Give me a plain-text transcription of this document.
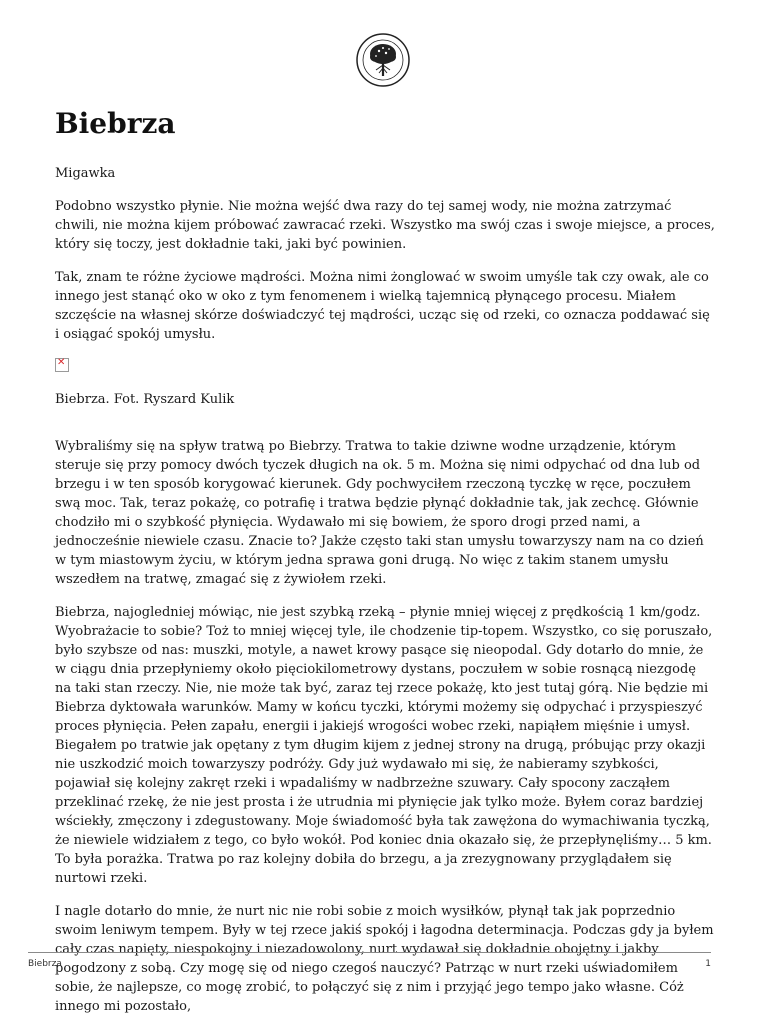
Biebrza

Migawka

Podobno wszystko płynie. Nie można wejść dwa razy do tej samej wody, nie można zatrzymać chwili, nie można kijem próbować zawracać rzeki. Wszystko ma swój czas i swoje miejsce, a proces, który się toczy, jest dokładnie taki, jaki być powinien.

Tak, znam te różne życiowe mądrości. Można nimi żonglować w swoim umyśle tak czy owak, ale co innego jest stanąć oko w oko z tym fenomenem i wielką tajemnicą płynącego procesu. Miałem szczęście na własnej skórze doświadczyć tej mądrości, ucząc się od rzeki, co oznacza poddawać się i osiągać spokój umysłu.

✕

Biebrza. Fot. Ryszard Kulik

Wybraliśmy się na spływ tratwą po Biebrzy. Tratwa to takie dziwne wodne urządzenie, którym steruje się przy pomocy dwóch tyczek długich na ok. 5 m. Można się nimi odpychać od dna lub od brzegu i w ten sposób korygować kierunek. Gdy pochwyciłem rzeczoną tyczkę w ręce, poczułem swą moc. Tak, teraz pokażę, co potrafię i tratwa będzie płynąć dokładnie tak, jak zechcę. Głównie chodziło mi o szybkość płynięcia. Wydawało mi się bowiem, że sporo drogi przed nami, a jednocześnie niewiele czasu. Znacie to? Jakże często taki stan umysłu towarzyszy nam na co dzień w tym miastowym życiu, w którym jedna sprawa goni drugą. No więc z takim stanem umysłu wszedłem na tratwę, zmagać się z żywiołem rzeki.

Biebrza, najogledniej mówiąc, nie jest szybką rzeką – płynie mniej więcej z prędkością 1 km/godz. Wyobrażacie to sobie? Toż to mniej więcej tyle, ile chodzenie tip-topem. Wszystko, co się poruszało, było szybsze od nas: muszki, motyle, a nawet krowy pasące się nieopodal. Gdy dotarło do mnie, że w ciągu dnia przepłyniemy około pięciokilometrowy dystans, poczułem w sobie rosnącą niezgodę na taki stan rzeczy. Nie, nie może tak być, zaraz tej rzece pokażę, kto jest tutaj górą. Nie będzie mi Biebrza dyktowała warunków. Mamy w końcu tyczki, którymi możemy się odpychać i przyspieszyć proces płynięcia. Pełen zapału, energii i jakiejś wrogości wobec rzeki, napiąłem mięśnie i umysł. Biegałem po tratwie jak opętany z tym długim kijem z jednej strony na drugą, próbując przy okazji nie uszkodzić moich towarzyszy podróży. Gdy już wydawało mi się, że nabieramy szybkości, pojawiał się kolejny zakręt rzeki i wpadaliśmy w nadbrzeżne szuwary. Cały spocony zacząłem przeklinać rzekę, że nie jest prosta i że utrudnia mi płynięcie jak tylko może. Byłem coraz bardziej wściekły, zmęczony i zdegustowany. Moje świadomość była tak zawężona do wymachiwania tyczką, że niewiele widziałem z tego, co było wokół. Pod koniec dnia okazało się, że przepłynęliśmy… 5 km. To była porażka. Tratwa po raz kolejny dobiła do brzegu, a ja zrezygnowany przyglądałem się nurtowi rzeki.

I nagle dotarło do mnie, że nurt nic nie robi sobie z moich wysiłków, płynął tak jak poprzednio swoim leniwym tempem. Były w tej rzece jakiś spokój i łagodna determinacja. Podczas gdy ja byłem cały czas napięty, niespokojny i niezadowolony, nurt wydawał się dokładnie obojętny i jakby pogodzony z sobą. Czy mogę się od niego czegoś nauczyć? Patrząc w nurt rzeki uświadomiłem sobie, że najlepsze, co mogę zrobić, to połączyć się z nim i przyjąć jego tempo jako własne. Cóż innego mi pozostało,

Biebrza	1
